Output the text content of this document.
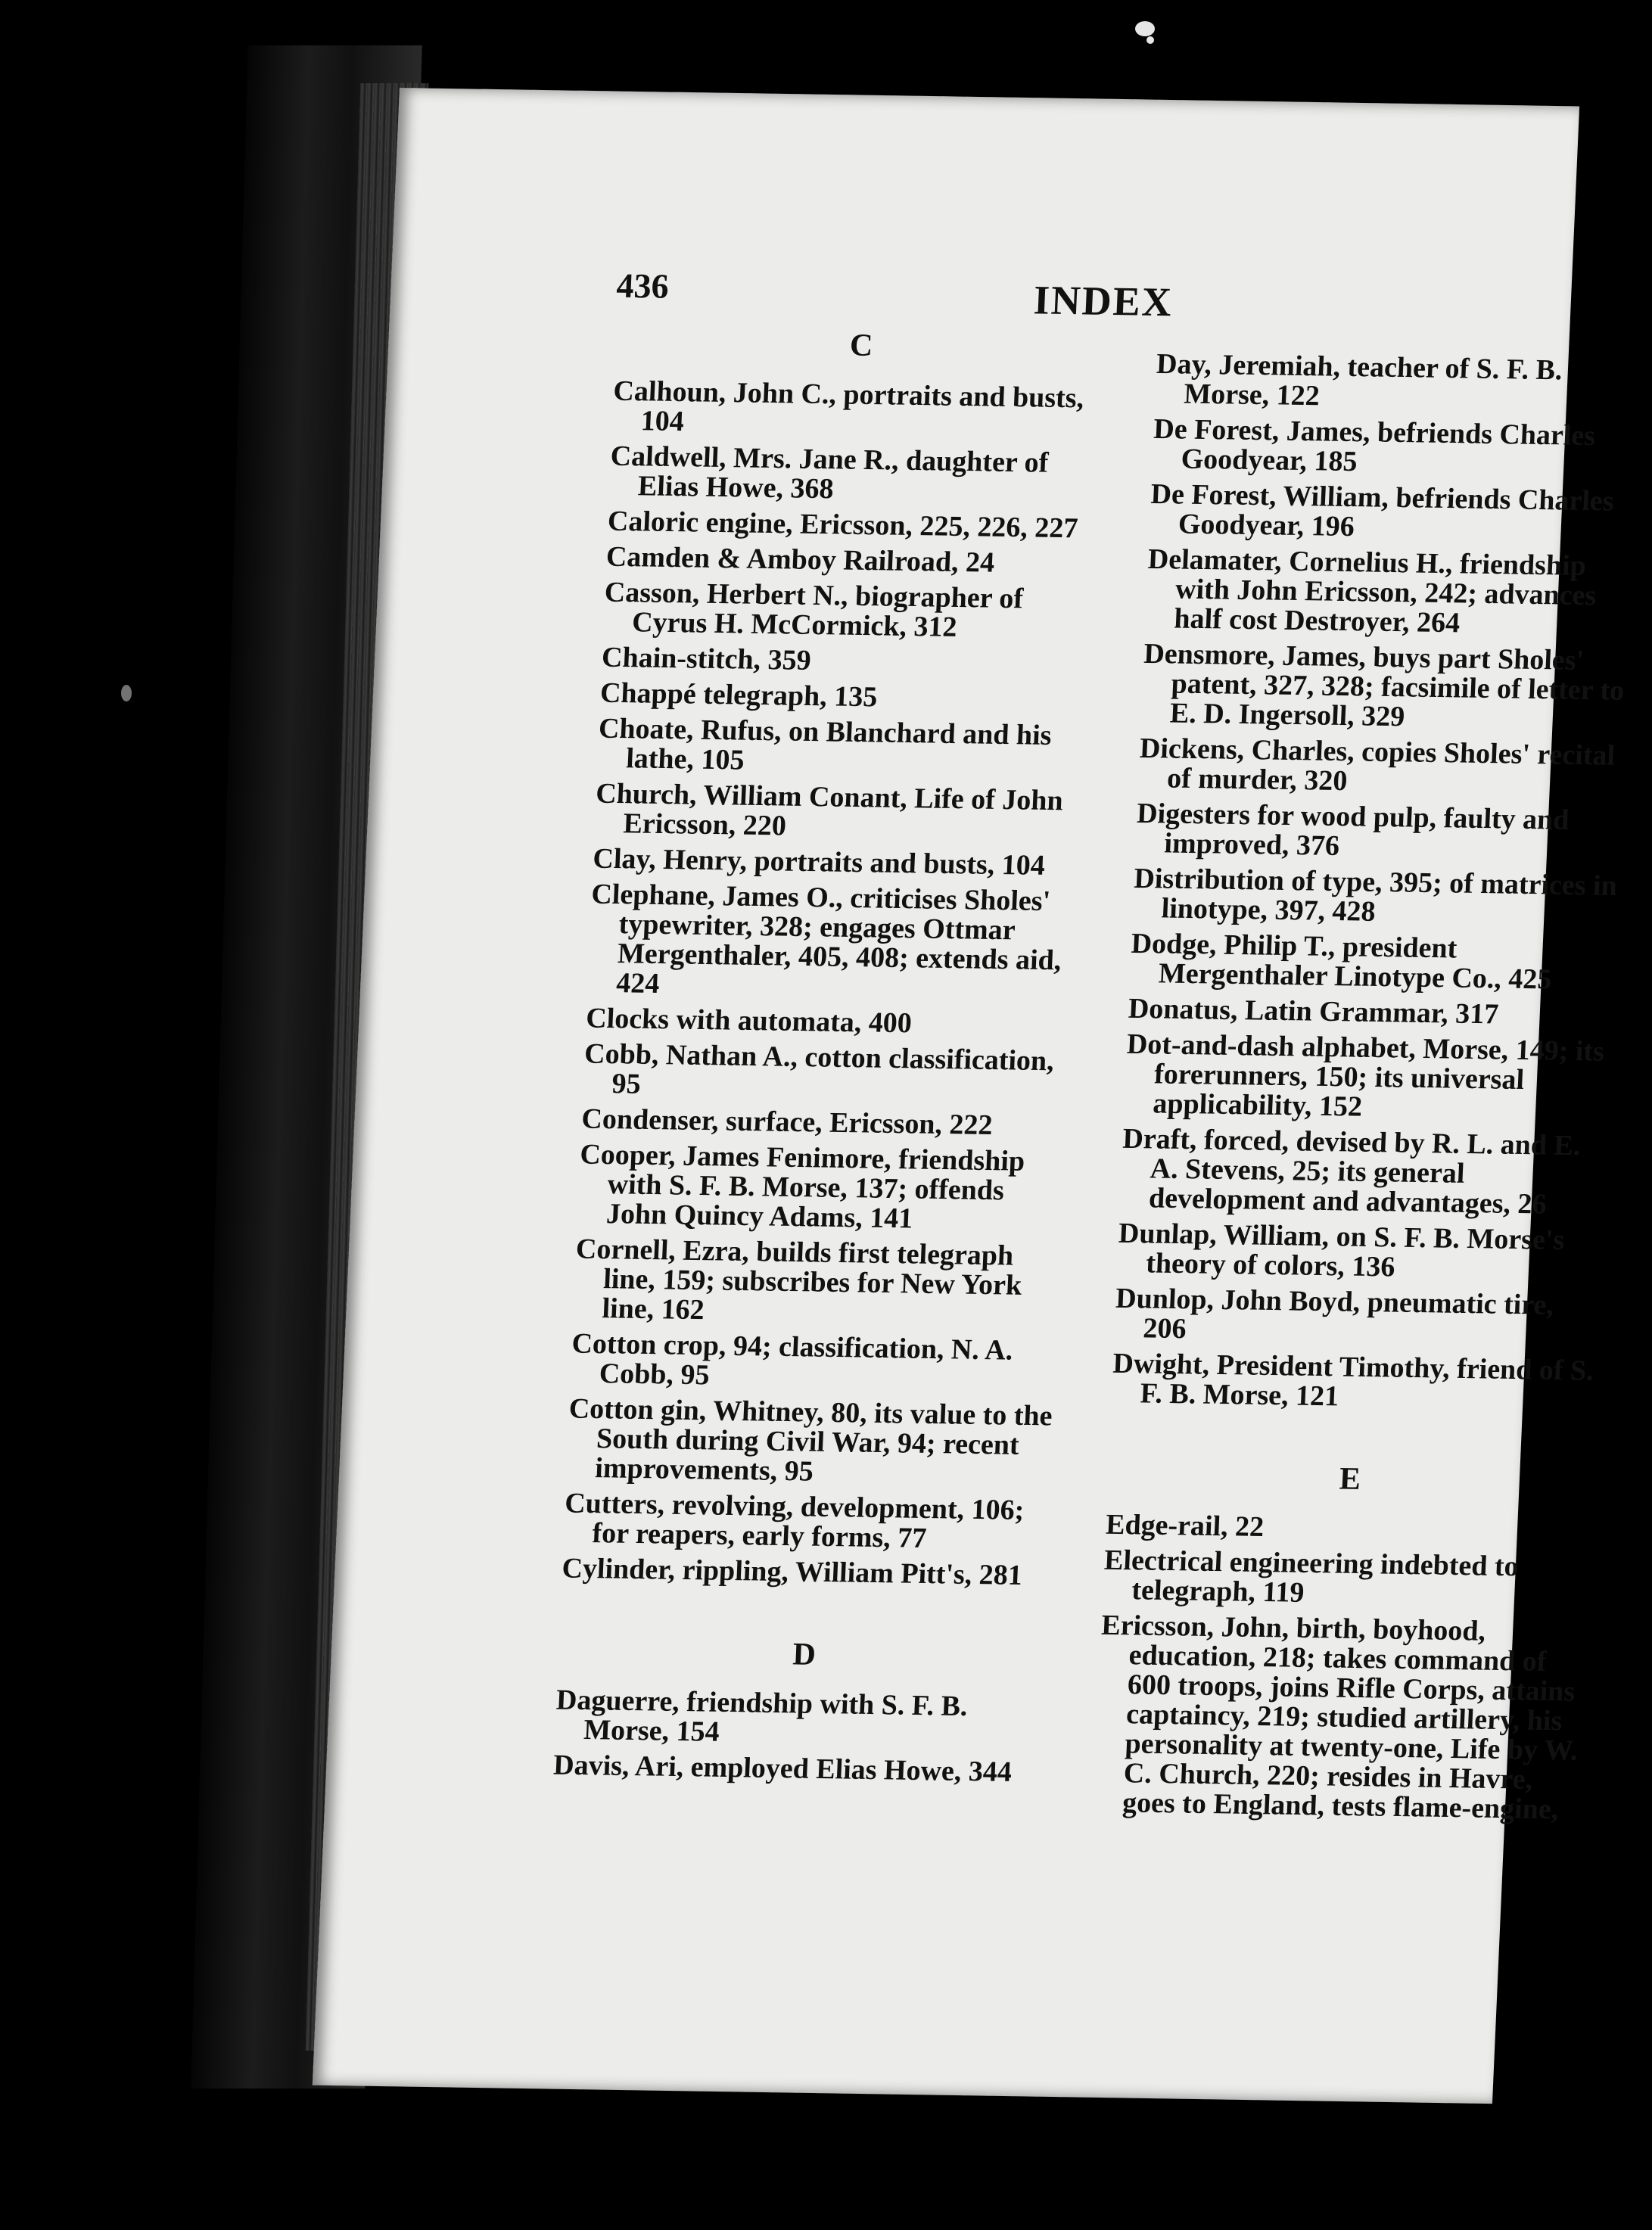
436	INDEX
C

Calhoun, John C., portraits and busts, 104

Caldwell, Mrs. Jane R., daughter of Elias Howe, 368

Caloric engine, Ericsson, 225, 226, 227

Camden & Amboy Railroad, 24

Casson, Herbert N., biographer of Cyrus H. McCormick, 312

Chain-stitch, 359

Chappé telegraph, 135

Choate, Rufus, on Blanchard and his lathe, 105

Church, William Conant, Life of John Ericsson, 220

Clay, Henry, portraits and busts, 104

Clephane, James O., criticises Sholes' typewriter, 328; engages Ottmar Mergenthaler, 405, 408; extends aid, 424

Clocks with automata, 400

Cobb, Nathan A., cotton classification, 95

Condenser, surface, Ericsson, 222

Cooper, James Fenimore, friendship with S. F. B. Morse, 137; offends John Quincy Adams, 141

Cornell, Ezra, builds first telegraph line, 159; subscribes for New York line, 162

Cotton crop, 94; classification, N. A. Cobb, 95

Cotton gin, Whitney, 80, its value to the South during Civil War, 94; recent improvements, 95

Cutters, revolving, development, 106; for reapers, early forms, 77

Cylinder, rippling, William Pitt's, 281

D

Daguerre, friendship with S. F. B. Morse, 154

Davis, Ari, employed Elias Howe, 344

Day, Jeremiah, teacher of S. F. B. Morse, 122

De Forest, James, befriends Charles Goodyear, 185

De Forest, William, befriends Charles Goodyear, 196

Delamater, Cornelius H., friendship with John Ericsson, 242; advances half cost Destroyer, 264

Densmore, James, buys part Sholes' patent, 327, 328; facsimile of letter to E. D. Ingersoll, 329

Dickens, Charles, copies Sholes' recital of murder, 320

Digesters for wood pulp, faulty and improved, 376

Distribution of type, 395; of matrices in linotype, 397, 428

Dodge, Philip T., president Mergenthaler Linotype Co., 425

Donatus, Latin Grammar, 317

Dot-and-dash alphabet, Morse, 149; its forerunners, 150; its universal applicability, 152

Draft, forced, devised by R. L. and E. A. Stevens, 25; its general development and advantages, 26

Dunlap, William, on S. F. B. Morse's theory of colors, 136

Dunlop, John Boyd, pneumatic tire, 206

Dwight, President Timothy, friend of S. F. B. Morse, 121

E

Edge-rail, 22

Electrical engineering indebted to telegraph, 119

Ericsson, John, birth, boyhood, education, 218; takes command of 600 troops, joins Rifle Corps, attains captaincy, 219; studied artillery, his personality at twenty-one, Life by W. C. Church, 220; resides in Havre, goes to England, tests flame-engine,
